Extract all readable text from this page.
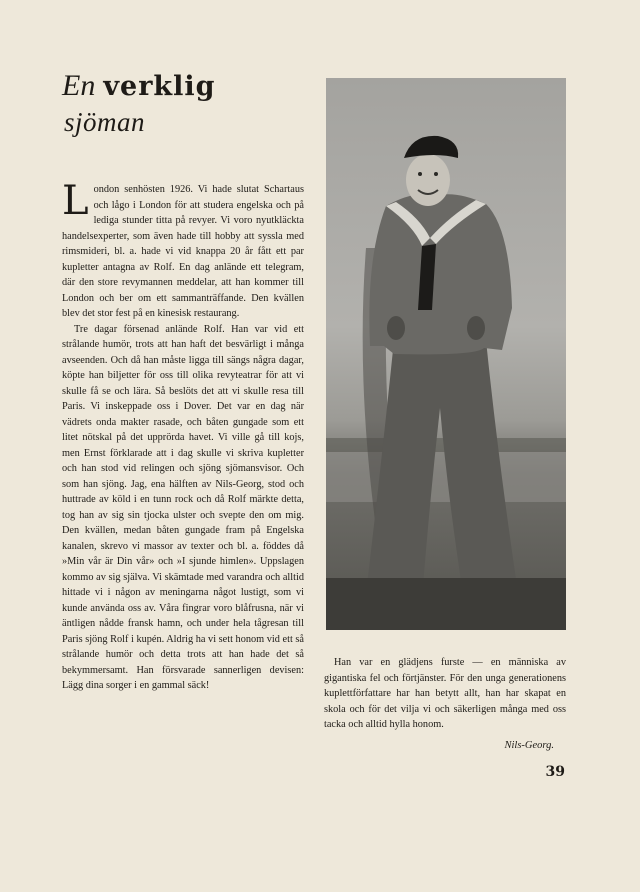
En verklig
sjöman

London senhösten 1926. Vi hade slutat Schartaus och lågo i London för att studera engelska och på lediga stunder titta på revyer. Vi voro nyutkläckta handelsexperter, som även hade till hobby att syssla med rimsmideri, bl. a. hade vi vid knappa 20 år fått ett par kupletter antagna av Rolf. En dag anlände ett telegram, där den store revymannen meddelar, att han kommer till London och ber om ett sammanträffande. Den kvällen blev det stor fest på en kinesisk restaurang.

Tre dagar försenad anlände Rolf. Han var vid ett strålande humör, trots att han haft det besvärligt i många avseenden. Och då han måste ligga till sängs några dagar, köpte han biljetter för oss till olika revyteatrar för att vi skulle få se och lära. Så beslöts det att vi skulle resa till Paris. Vi inskeppade oss i Dover. Det var en dag när vädrets onda makter rasade, och båten gungade som ett litet nötskal på det upprörda havet. Vi ville gå till kojs, men Ernst förklarade att i dag skulle vi skriva kupletter och han stod vid relingen och sjöng sjömansvisor. Och som han sjöng. Jag, ena hälften av Nils-Georg, stod och huttrade av köld i en tunn rock och då Rolf märkte detta, tog han av sig sin tjocka ulster och svepte den om mig. Den kvällen, medan båten gungade fram på Engelska kanalen, skrevo vi massor av texter och bl. a. föddes då »Min vår är Din vår» och »I sjunde himlen». Uppslagen kommo av sig själva. Vi skämtade med varandra och alltid hittade vi i någon av meningarna något lustigt, som vi kunde använda oss av. Våra fingrar voro blåfrusna, när vi äntligen nådde fransk hamn, och under hela tågresan till Paris sjöng Rolf i kupén. Aldrig ha vi sett honom vid ett så strålande humör och detta trots att han hade det så bekymmersamt. Han försvarade sannerligen devisen: Lägg dina sorger i en gammal säck!

Han var en glädjens furste — en människa av gigantiska fel och förtjänster. För den unga generationens kuplettförfattare har han betytt allt, han har skapat en skola och för det vilja vi och säkerligen många med oss tacka och alltid hylla honom.

Nils-Georg.
39
